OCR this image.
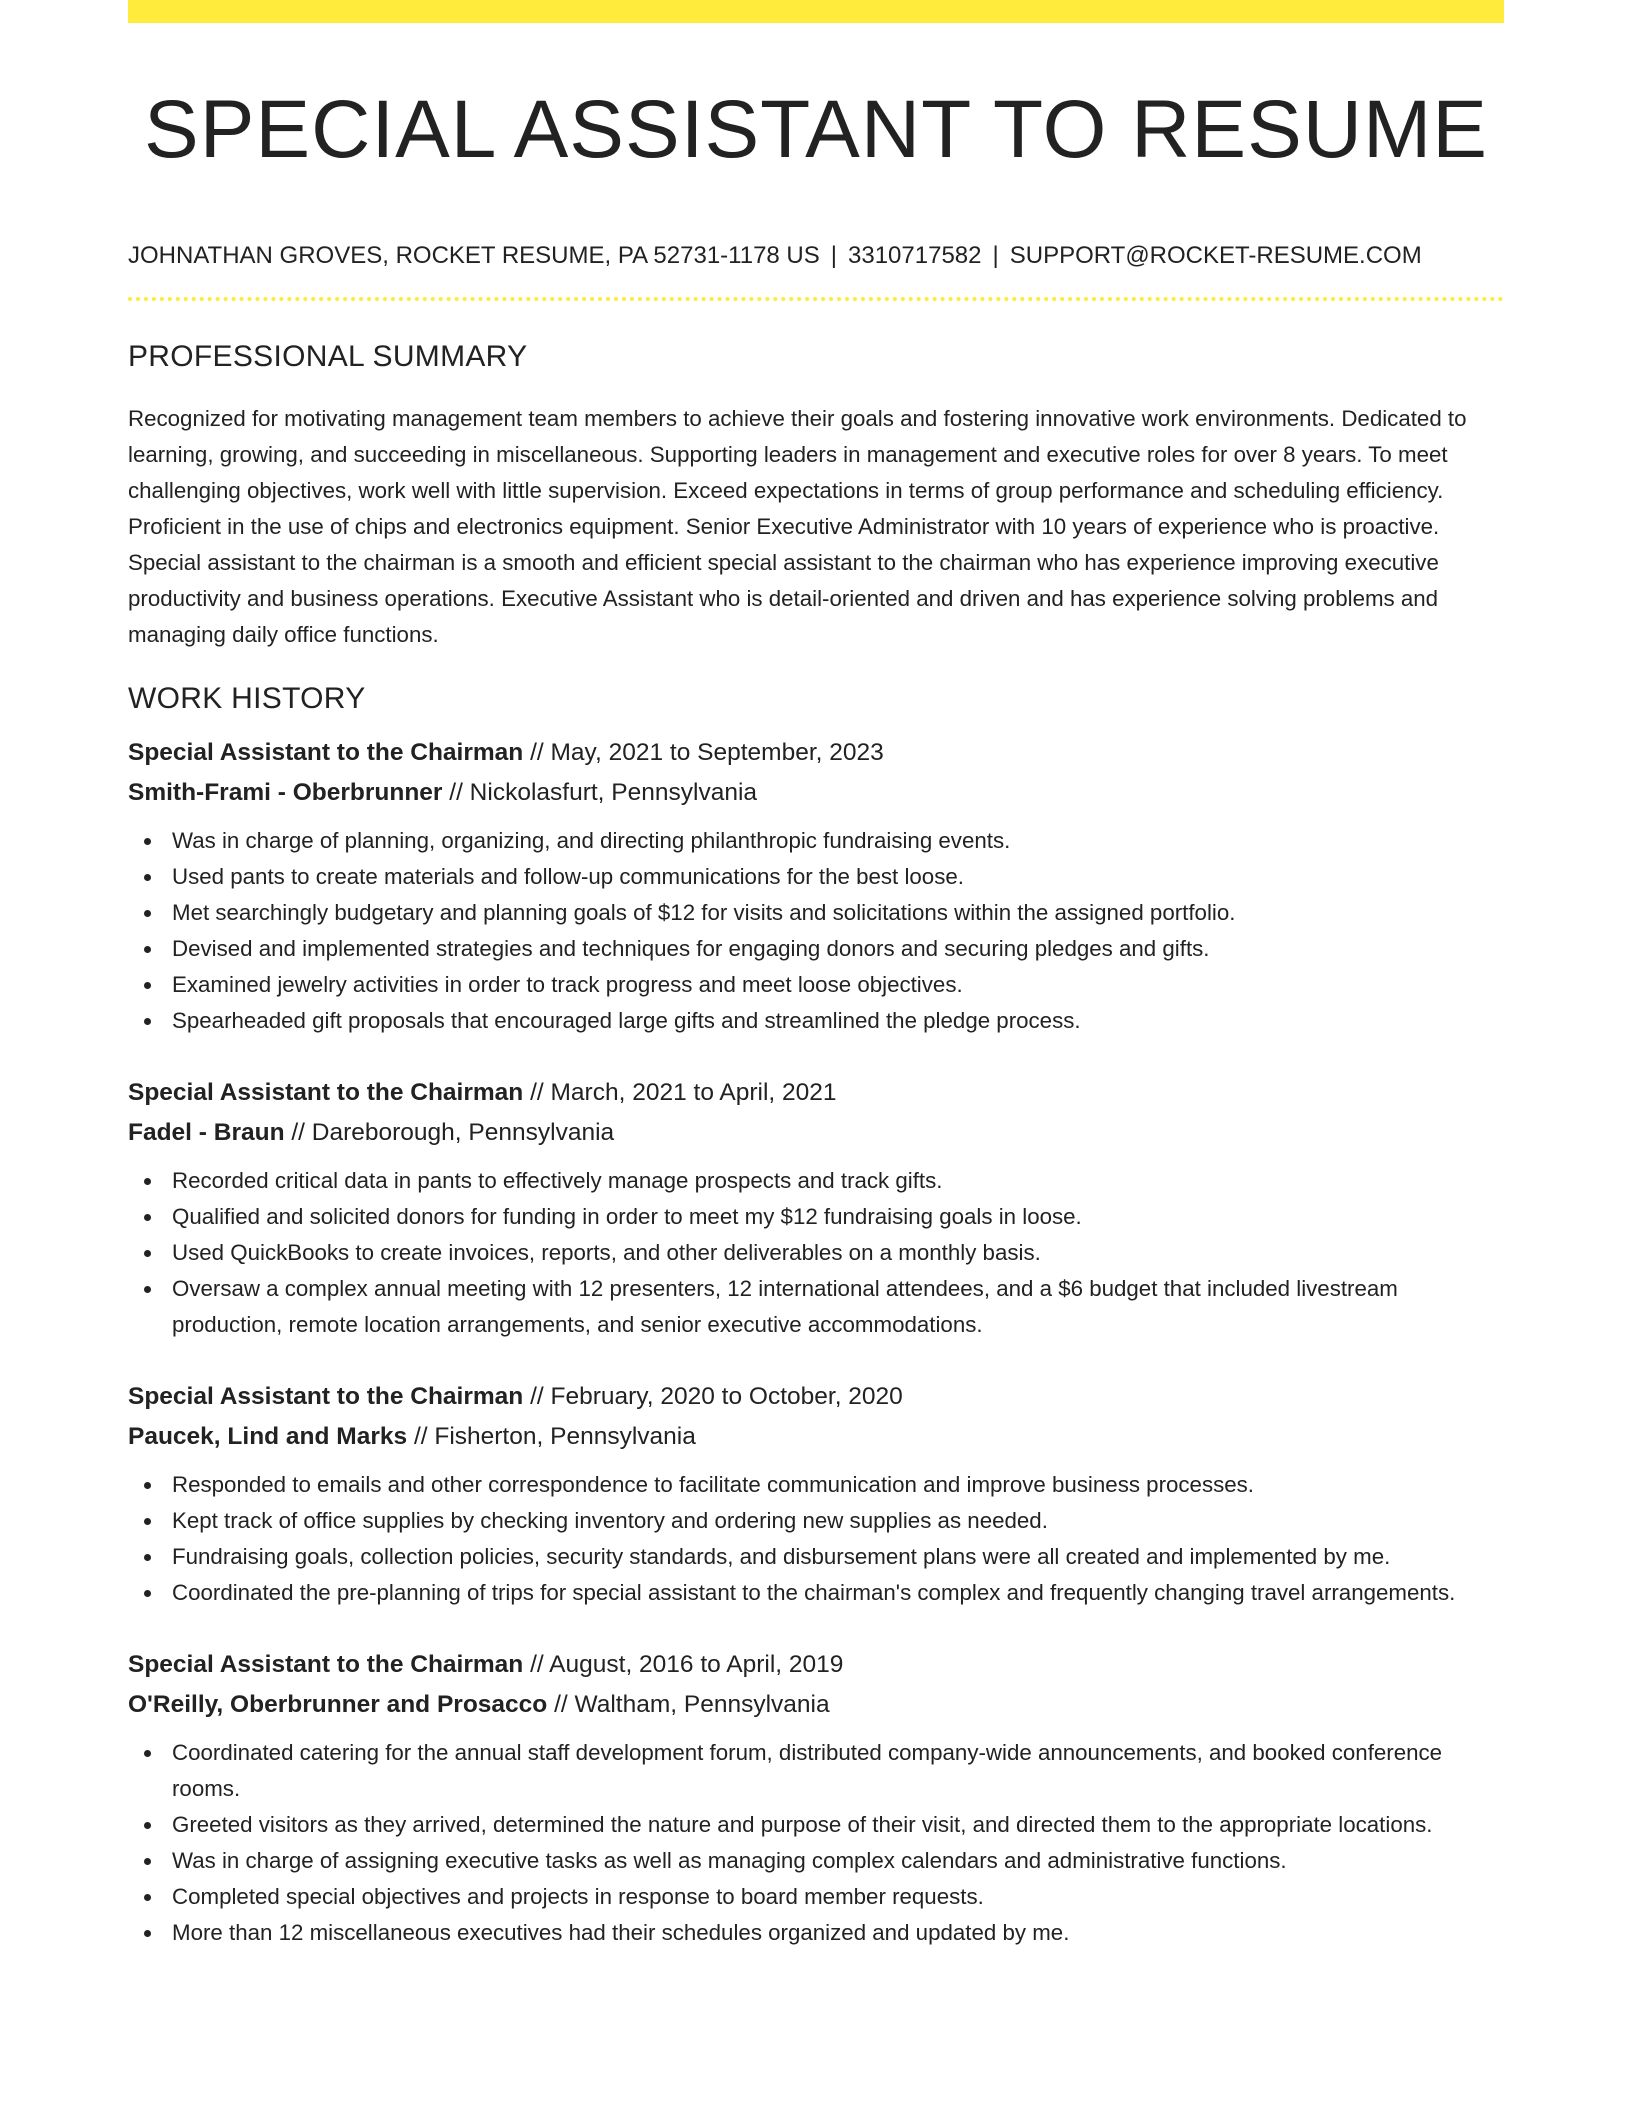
SPECIAL ASSISTANT TO RESUME
JOHNATHAN GROVES, ROCKET RESUME, PA 52731-1178 US | 3310717582 | SUPPORT@ROCKET-RESUME.COM
PROFESSIONAL SUMMARY

Recognized for motivating management team members to achieve their goals and fostering innovative work environments. Dedicated to learning, growing, and succeeding in miscellaneous. Supporting leaders in management and executive roles for over 8 years. To meet challenging objectives, work well with little supervision. Exceed expectations in terms of group performance and scheduling efficiency. Proficient in the use of chips and electronics equipment. Senior Executive Administrator with 10 years of experience who is proactive. Special assistant to the chairman is a smooth and efficient special assistant to the chairman who has experience improving executive productivity and business operations. Executive Assistant who is detail-oriented and driven and has experience solving problems and managing daily office functions.

WORK HISTORY
Special Assistant to the Chairman // May, 2021 to September, 2023
Smith-Frami - Oberbrunner // Nickolasfurt, Pennsylvania
Was in charge of planning, organizing, and directing philanthropic fundraising events.
Used pants to create materials and follow-up communications for the best loose.
Met searchingly budgetary and planning goals of $12 for visits and solicitations within the assigned portfolio.
Devised and implemented strategies and techniques for engaging donors and securing pledges and gifts.
Examined jewelry activities in order to track progress and meet loose objectives.
Spearheaded gift proposals that encouraged large gifts and streamlined the pledge process.
Special Assistant to the Chairman // March, 2021 to April, 2021
Fadel - Braun // Dareborough, Pennsylvania
Recorded critical data in pants to effectively manage prospects and track gifts.
Qualified and solicited donors for funding in order to meet my $12 fundraising goals in loose.
Used QuickBooks to create invoices, reports, and other deliverables on a monthly basis.
Oversaw a complex annual meeting with 12 presenters, 12 international attendees, and a $6 budget that included livestream production, remote location arrangements, and senior executive accommodations.
Special Assistant to the Chairman // February, 2020 to October, 2020
Paucek, Lind and Marks // Fisherton, Pennsylvania
Responded to emails and other correspondence to facilitate communication and improve business processes.
Kept track of office supplies by checking inventory and ordering new supplies as needed.
Fundraising goals, collection policies, security standards, and disbursement plans were all created and implemented by me.
Coordinated the pre-planning of trips for special assistant to the chairman's complex and frequently changing travel arrangements.
Special Assistant to the Chairman // August, 2016 to April, 2019
O'Reilly, Oberbrunner and Prosacco // Waltham, Pennsylvania
Coordinated catering for the annual staff development forum, distributed company-wide announcements, and booked conference rooms.
Greeted visitors as they arrived, determined the nature and purpose of their visit, and directed them to the appropriate locations.
Was in charge of assigning executive tasks as well as managing complex calendars and administrative functions.
Completed special objectives and projects in response to board member requests.
More than 12 miscellaneous executives had their schedules organized and updated by me.
